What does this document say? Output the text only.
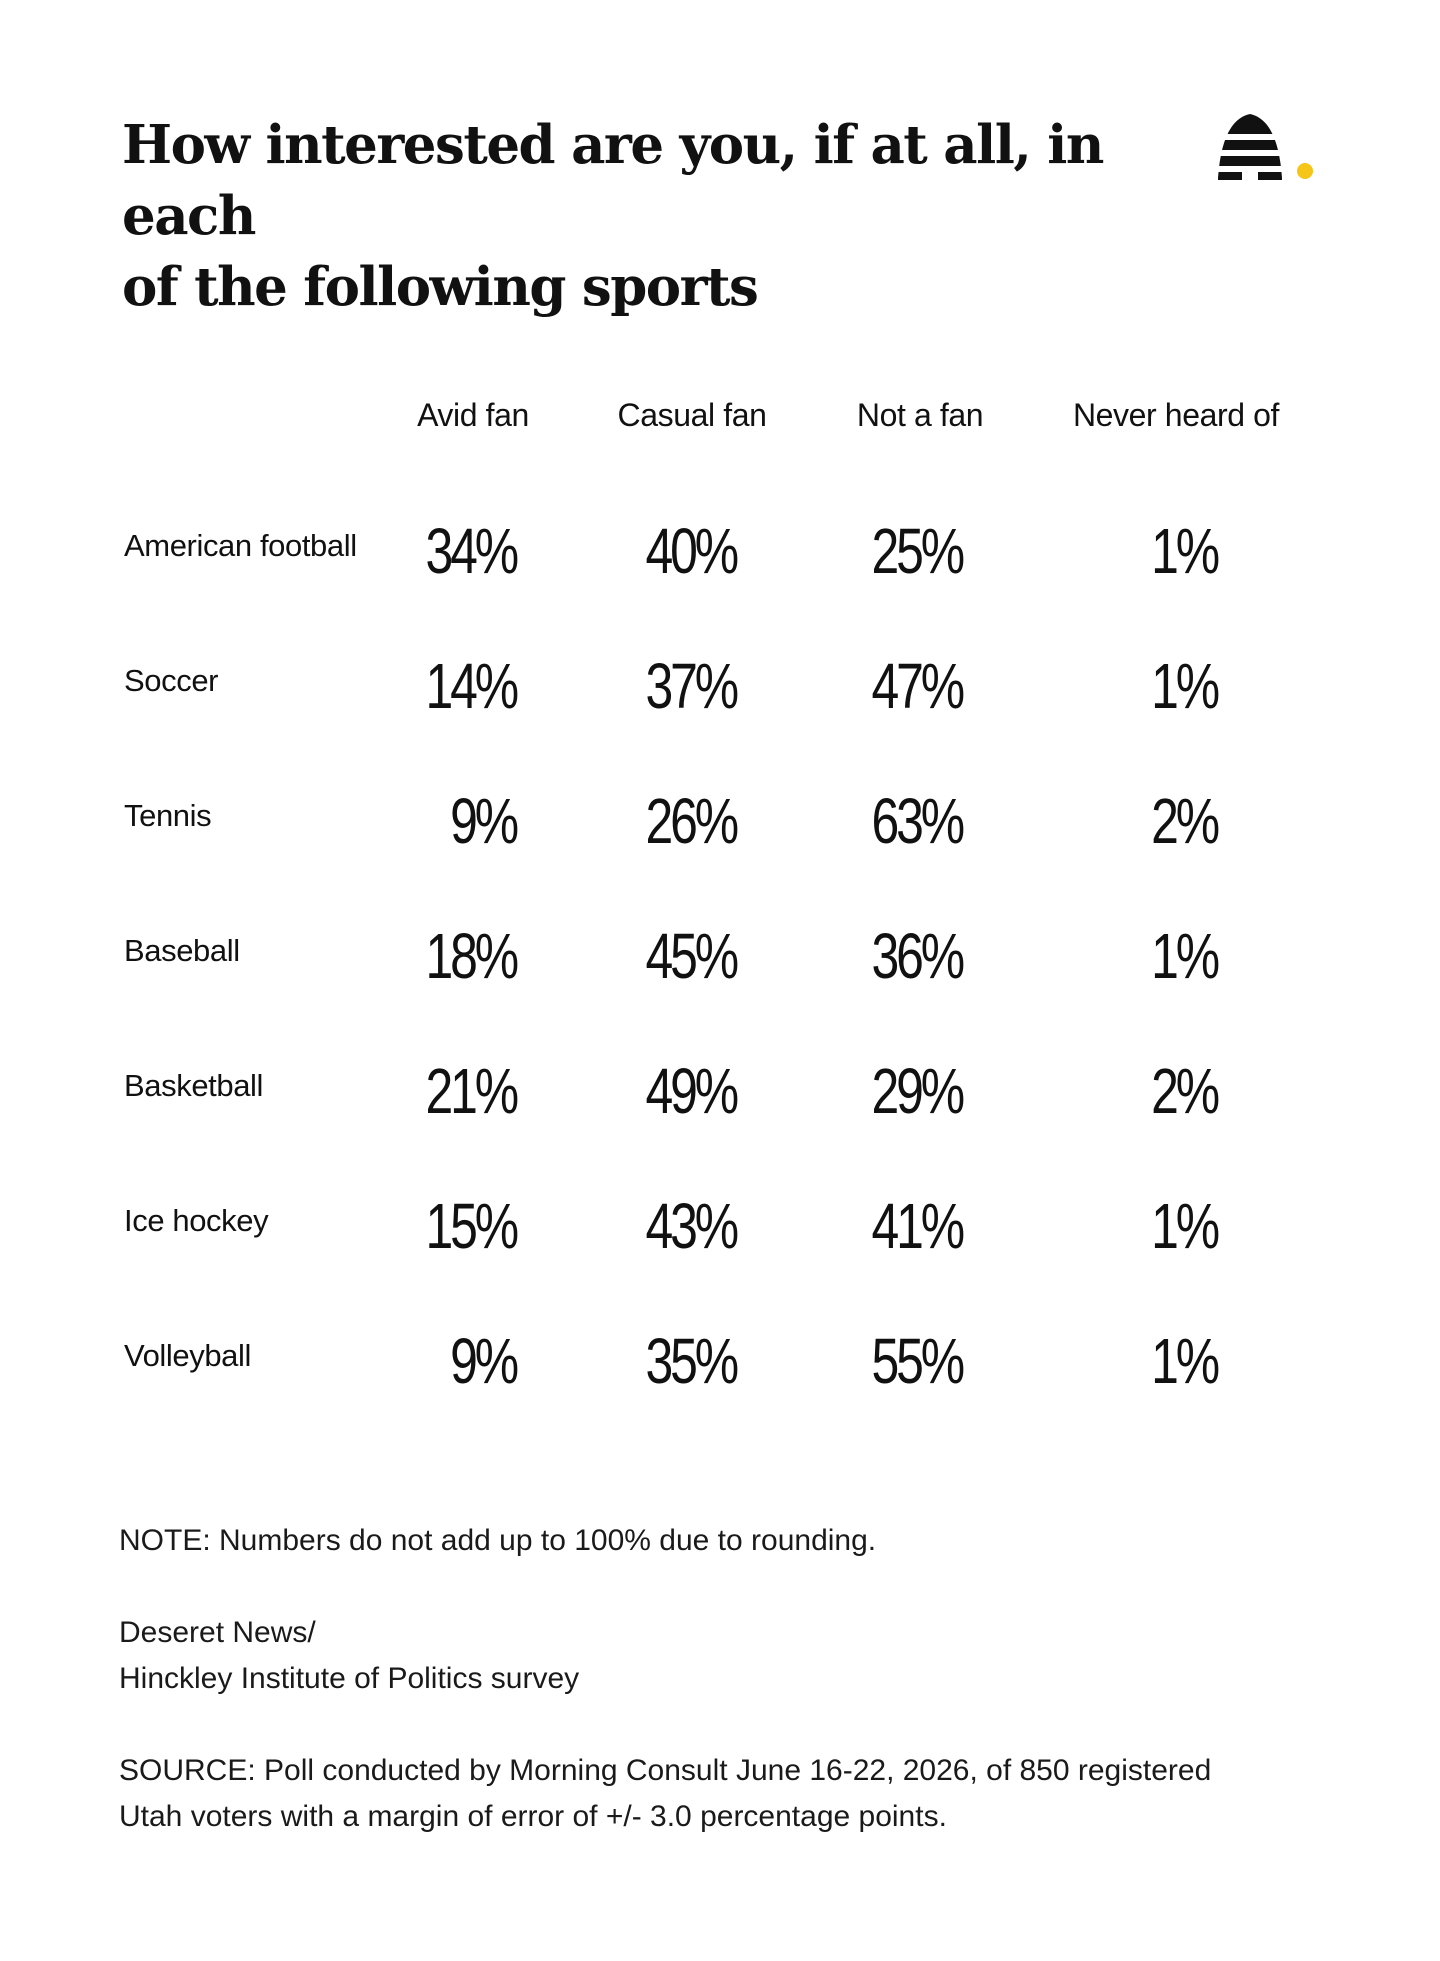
How interested are you, if at all, in each
of the following sports
Avid fan	Casual fan	Not a fan	Never heard of
American football	34%	40%	25%	1%
Soccer	14%	37%	47%	1%
Tennis	9%	26%	63%	2%
Baseball	18%	45%	36%	1%
Basketball	21%	49%	29%	2%
Ice hockey	15%	43%	41%	1%
Volleyball	9%	35%	55%	1%
NOTE: Numbers do not add up to 100% due to rounding.
Deseret News/
Hinckley Institute of Politics survey
SOURCE: Poll conducted by Morning Consult June 16-22, 2026, of 850 registered
Utah voters with a margin of error of +/- 3.0 percentage points.
